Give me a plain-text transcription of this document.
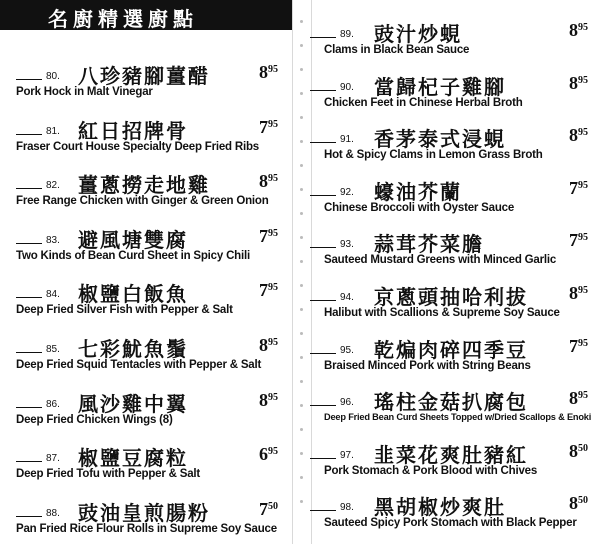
名廚精選廚點
80. 八珍豬腳薑醋	$8^{95}$
Pork Hock in Malt Vinegar
81. 紅日招牌骨	$7^{95}$
Fraser Court House Specialty Deep Fried Ribs
82. 薑蔥撈走地雞	$8^{95}$
Free Range Chicken with Ginger & Green Onion
83. 避風塘雙腐	$7^{95}$
Two Kinds of Bean Curd Sheet in Spicy Chili
84. 椒鹽白飯魚	$7^{95}$
Deep Fried Silver Fish with Pepper & Salt
85. 七彩魷魚鬚	$8^{95}$
Deep Fried Squid Tentacles with Pepper & Salt
86. 風沙雞中翼	$8^{95}$
Deep Fried Chicken Wings (8)
87. 椒鹽豆腐粒	$6^{95}$
Deep Fried Tofu with Pepper & Salt
88. 豉油皇煎腸粉	$7^{50}$
Pan Fried Rice Flour Rolls in Supreme Soy Sauce
89. 豉汁炒蜆	$8^{95}$
Clams in Black Bean Sauce
90. 當歸杞子雞腳	$8^{95}$
Chicken Feet in Chinese Herbal Broth
91. 香茅泰式浸蜆	$8^{95}$
Hot & Spicy Clams in Lemon Grass Broth
92. 蠔油芥蘭	$7^{95}$
Chinese Broccoli with Oyster Sauce
93. 蒜茸芥菜膽	$7^{95}$
Sauteed Mustard Greens with Minced Garlic
94. 京蔥頭抽哈利拔 $8^{95}$
Halibut with Scallions & Supreme Soy Sauce
95. 乾煸肉碎四季豆 $7^{95}$
Braised Minced Pork with String Beans
96. 瑤柱金菇扒腐包 $8^{95}$
Deep Fried Bean Curd Sheets Topped w/Dried Scallops & Enoki
97. 韭菜花爽肚豬紅 $8^{50}$
Pork Stomach & Pork Blood with Chives
98. 黑胡椒炒爽肚	$8^{50}$
Sauteed Spicy Pork Stomach with Black Pepper
